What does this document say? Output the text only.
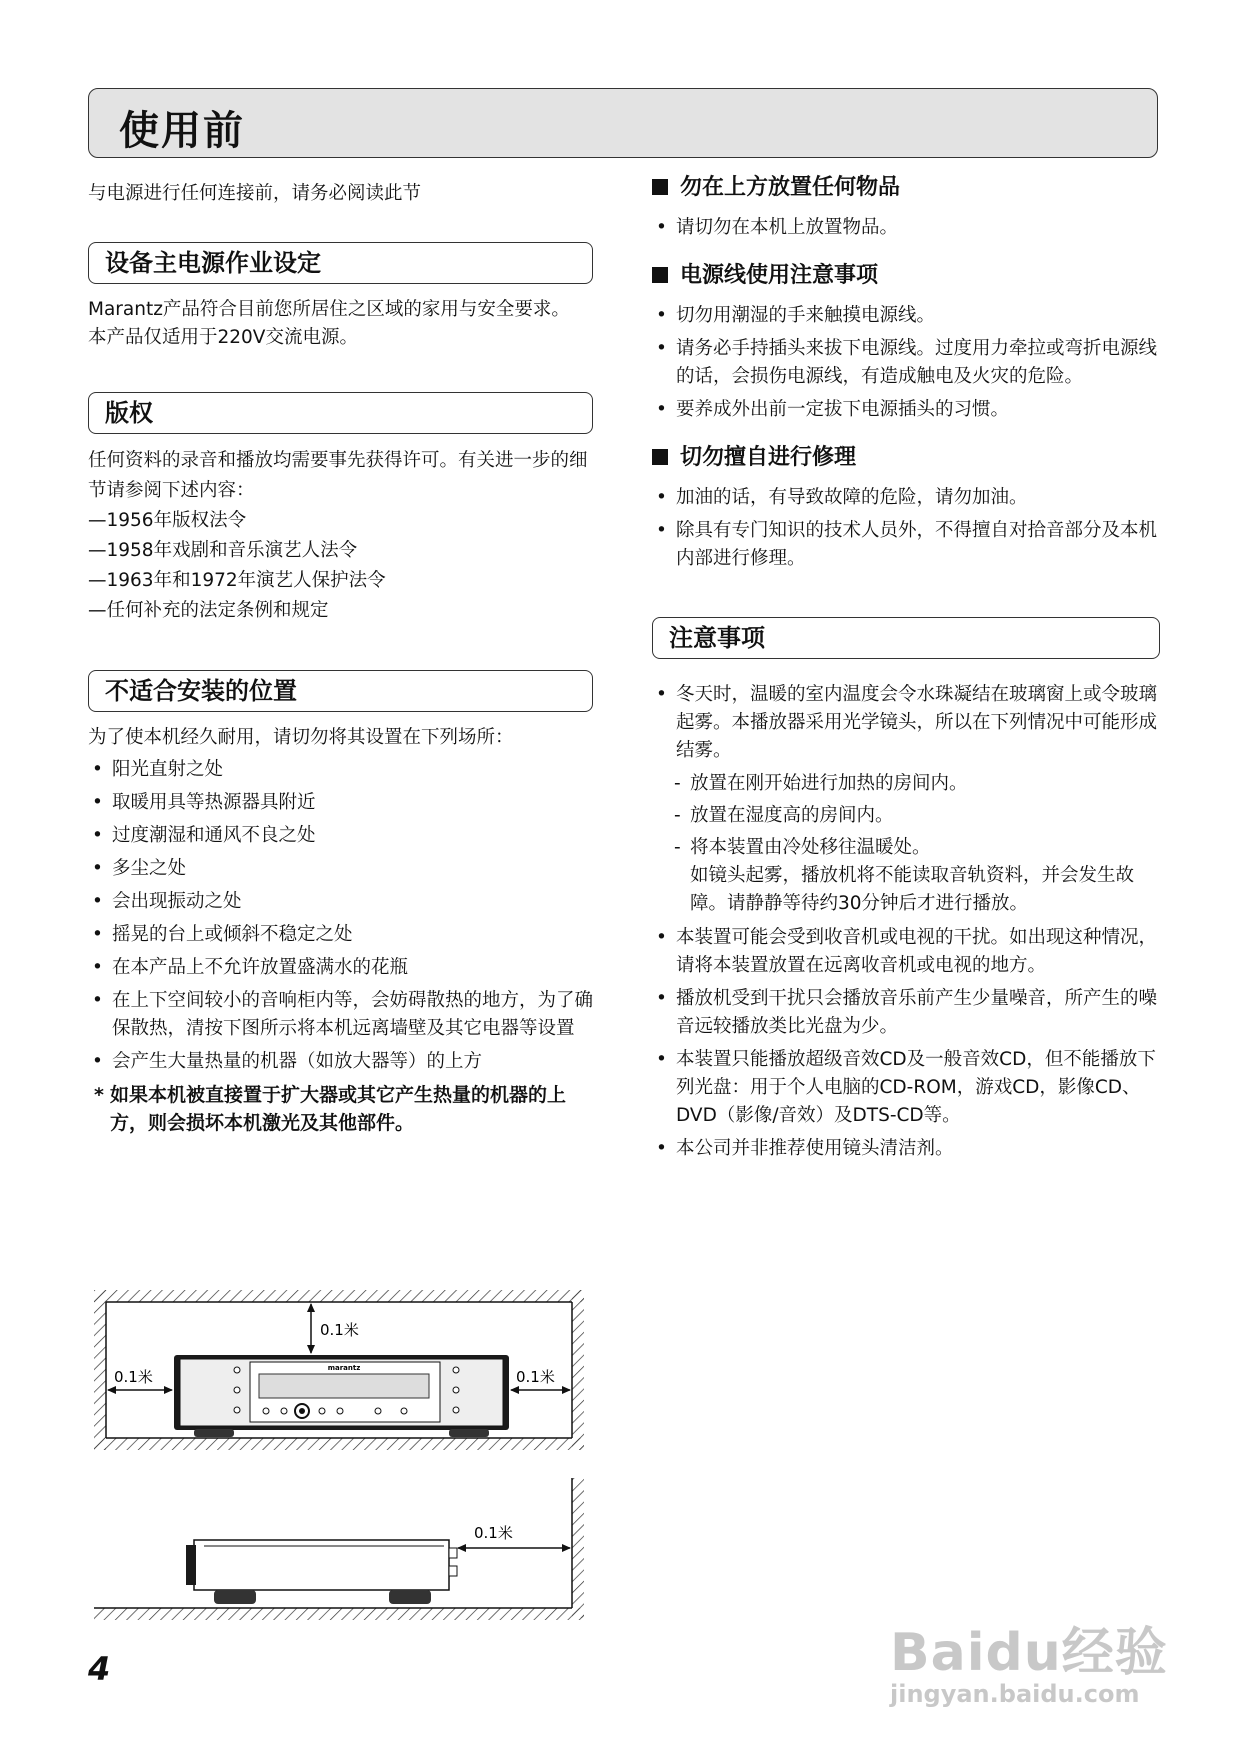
使用前

与电源进行任何连接前，请务必阅读此节

设备主电源作业设定

Marantz产品符合目前您所居住之区域的家用与安全要求。

本产品仅适用于220V交流电源。

版权

任何资料的录音和播放均需要事先获得许可。有关进一步的细节请参阅下述内容：

—1956年版权法令

—1958年戏剧和音乐演艺人法令

—1963年和1972年演艺人保护法令

—任何补充的法定条例和规定

不适合安装的位置

为了使本机经久耐用，请切勿将其设置在下列场所：

• 阳光直射之处
• 取暖用具等热源器具附近
• 过度潮湿和通风不良之处
• 多尘之处
• 会出现振动之处
• 摇晃的台上或倾斜不稳定之处
• 在本产品上不允许放置盛满水的花瓶
• 在上下空间较小的音响柜内等，会妨碍散热的地方，为了确保散热，清按下图所示将本机远离墙壁及其它电器等设置
• 会产生大量热量的机器（如放大器等）的上方

* 如果本机被直接置于扩大器或其它产生热量的机器的上方，则会损坏本机激光及其他部件。

marantz
0.1米
0.1米	0.1米
0.1米
勿在上方放置任何物品
• 请切勿在本机上放置物品。
电源线使用注意事项
• 切勿用潮湿的手来触摸电源线。
• 请务必手持插头来拔下电源线。过度用力牵拉或弯折电源线的话，会损伤电源线，有造成触电及火灾的危险。
• 要养成外出前一定拔下电源插头的习惯。
切勿擅自进行修理
• 加油的话，有导致故障的危险，请勿加油。
• 除具有专门知识的技术人员外，不得擅自对拾音部分及本机内部进行修理。
注意事项
• 冬天时，温暖的室内温度会令水珠凝结在玻璃窗上或令玻璃起雾。本播放器采用光学镜头，所以在下列情况中可能形成结雾。
- 放置在刚开始进行加热的房间内。
- 放置在湿度高的房间内。
- 将本装置由冷处移往温暖处。

如镜头起雾，播放机将不能读取音轨资料，并会发生故障。请静静等待约30分钟后才进行播放。

• 本装置可能会受到收音机或电视的干扰。如出现这种情况，请将本装置放置在远离收音机或电视的地方。
• 播放机受到干扰只会播放音乐前产生少量噪音，所产生的噪音远较播放类比光盘为少。
• 本装置只能播放超级音效CD及一般音效CD，但不能播放下列光盘：用于个人电脑的CD-ROM，游戏CD，影像CD、DVD（影像/音效）及DTS-CD等。
• 本公司并非推荐使用镜头清洁剂。
4	Baidu经验
jingyan.baidu.com
